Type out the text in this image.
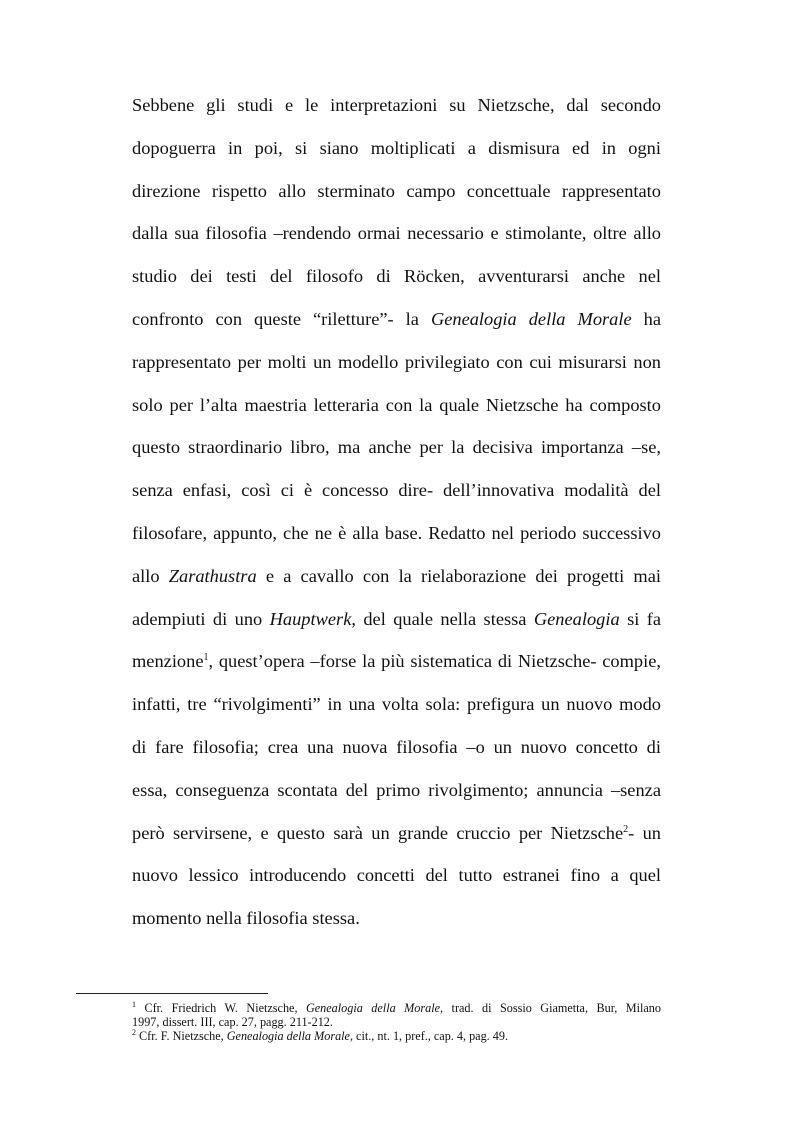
Sebbene gli studi e le interpretazioni su Nietzsche, dal secondo
dopoguerra in poi, si siano moltiplicati a dismisura ed in ogni
direzione rispetto allo sterminato campo concettuale rappresentato
dalla sua filosofia –rendendo ormai necessario e stimolante, oltre allo
studio dei testi del filosofo di Röcken, avventurarsi anche nel
confronto con queste “riletture”- la Genealogia della Morale ha
rappresentato per molti un modello privilegiato con cui misurarsi non
solo per l’alta maestria letteraria con la quale Nietzsche ha composto
questo straordinario libro, ma anche per la decisiva importanza –se,
senza enfasi, così ci è concesso dire- dell’innovativa modalità del
filosofare, appunto, che ne è alla base. Redatto nel periodo successivo
allo Zarathustra e a cavallo con la rielaborazione dei progetti mai
adempiuti di uno Hauptwerk, del quale nella stessa Genealogia si fa
menzione$^1$, quest’opera –forse la più sistematica di Nietzsche- compie,
infatti, tre “rivolgimenti” in una volta sola: prefigura un nuovo modo
di fare filosofia; crea una nuova filosofia –o un nuovo concetto di
essa, conseguenza scontata del primo rivolgimento; annuncia –senza
però servirsene, e questo sarà un grande cruccio per Nietzsche$^2$- un
nuovo lessico introducendo concetti del tutto estranei fino a quel
momento nella filosofia stessa.
$^1$ Cfr. Friedrich W. Nietzsche, Genealogia della Morale, trad. di Sossio Giametta, Bur, Milano
1997, dissert. III, cap. 27, pagg. 211-212.
$^2$ Cfr. F. Nietzsche, Genealogia della Morale, cit., nt. 1, pref., cap. 4, pag. 49.
